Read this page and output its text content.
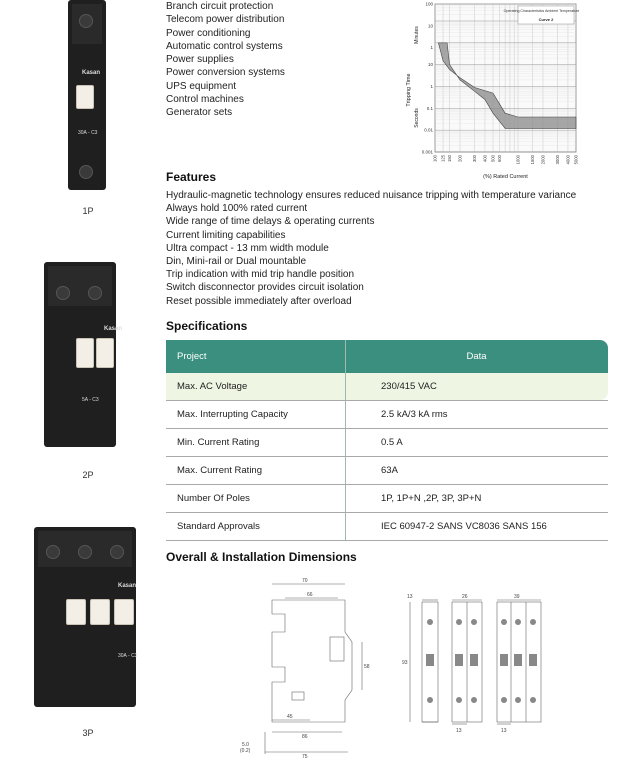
Kasan
30A - C3
1P
Kasan
5A - C3
2P
Kasan
30A - C3
3P
Branch circuit protection
Telecom power distribution
Power conditioning
Automatic control systems
Power supplies
Power conversion systems
UPS equipment
Control machines
Generator sets
Operating Characteristics Ambient Temperature 30°C
Curve 2
100 125 150 200 300 400 500 600	1000 1500 2000 3000 4000 5000
0.001
0.01
0.1
1
10
1
10
100
(%) Rated Current
Tripping Time
Minutes
Seconds
Features
Hydraulic-magnetic technology ensures reduced nuisance tripping with temperature variance
Always hold 100% rated current
Wide range of time delays & operating currents
Current limiting capabilities
Ultra compact - 13 mm width module
Din, Mini-rail or Dual mountable
Trip indication with mid trip handle position
Switch disconnector provides circuit isolation
Reset possible immediately after overload
Specifications
Project	Data
Max. AC Voltage	230/415 VAC
Max. Interrupting Capacity	2.5 kA/3 kA rms
Min. Current Rating	0.5 A
Max. Current Rating	63A
Number Of Poles	1P, 1P+N ,2P, 3P, 3P+N
Standard Approvals	IEC 60947-2 SANS VC8036 SANS 156
Overall & Installation Dimensions
70
66
58
45
86
75
5.0
(0.2)
13	26	39
93
13	13
